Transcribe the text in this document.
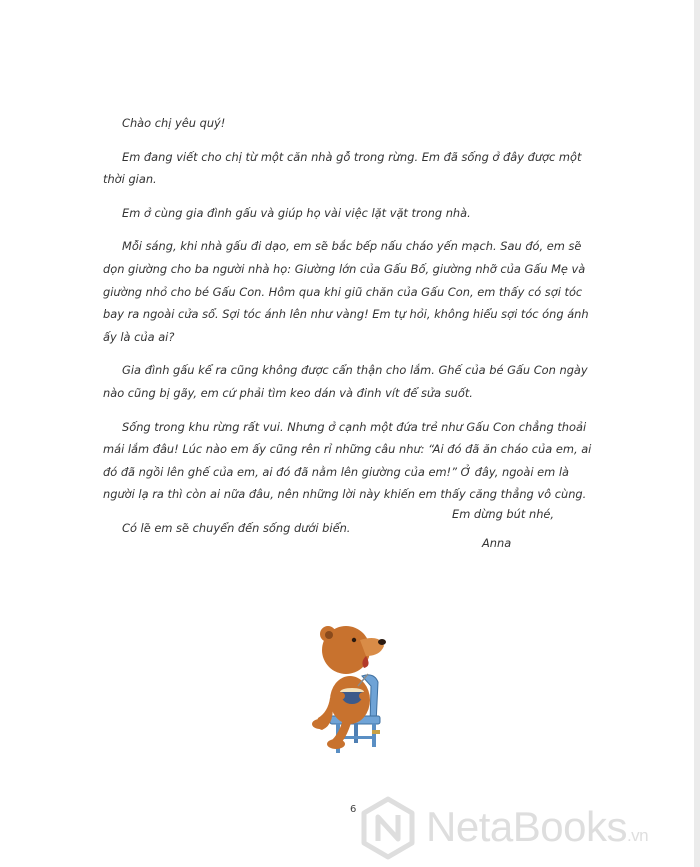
Chào chị yêu quý!

Em đang viết cho chị từ một căn nhà gỗ trong rừng. Em đã sống ở đây được một thời gian.

Em ở cùng gia đình gấu và giúp họ vài việc lặt vặt trong nhà.

Mỗi sáng, khi nhà gấu đi dạo, em sẽ bắc bếp nấu cháo yến mạch. Sau đó, em sẽ dọn giường cho ba người nhà họ: Giường lớn của Gấu Bố, giường nhỡ của Gấu Mẹ và giường nhỏ cho bé Gấu Con. Hôm qua khi giũ chăn của Gấu Con, em thấy có sợi tóc bay ra ngoài cửa sổ. Sợi tóc ánh lên như vàng! Em tự hỏi, không hiểu sợi tóc óng ánh ấy là của ai?

Gia đình gấu kể ra cũng không được cẩn thận cho lắm. Ghế của bé Gấu Con ngày nào cũng bị gãy, em cứ phải tìm keo dán và đinh vít để sửa suốt.

Sống trong khu rừng rất vui. Nhưng ở cạnh một đứa trẻ như Gấu Con chẳng thoải mái lắm đâu! Lúc nào em ấy cũng rên rỉ những câu như: “Ai đó đã ăn cháo của em, ai đó đã ngồi lên ghế của em, ai đó đã nằm lên giường của em!” Ở đây, ngoài em là người lạ ra thì còn ai nữa đâu, nên những lời này khiến em thấy căng thẳng vô cùng.

Có lẽ em sẽ chuyển đến sống dưới biển.

Em dừng bút nhé,
Anna
6 NetaBooks.vn
